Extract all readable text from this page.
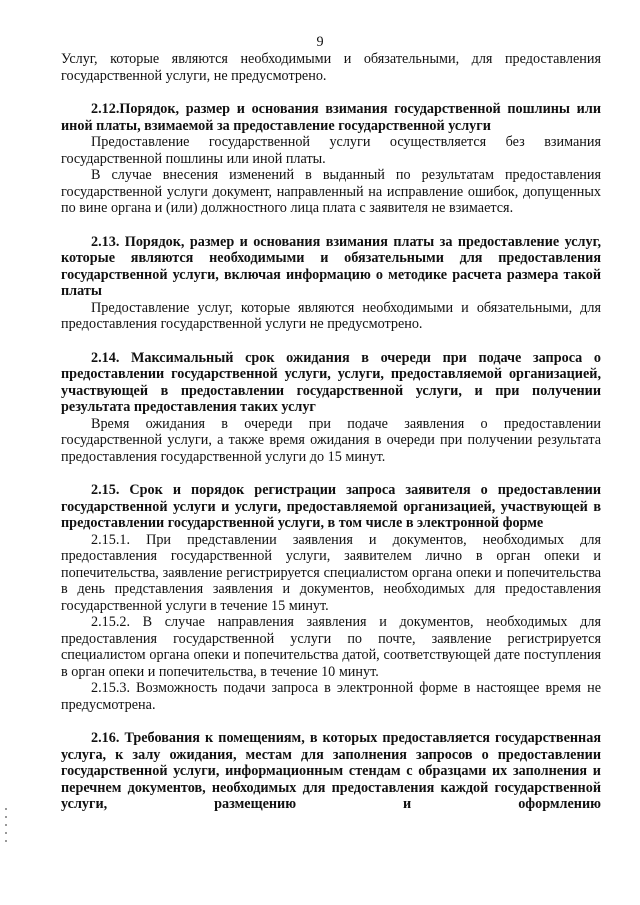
9

Услуг, которые являются необходимыми и обязательными, для предоставления государственной услуги, не предусмотрено.

2.12.Порядок, размер и основания взимания государственной пошлины или иной платы, взимаемой за предоставление государственной услуги

Предоставление государственной услуги осуществляется без взимания государственной пошлины или иной платы.

В случае внесения изменений в выданный по результатам предоставления государственной услуги документ, направленный на исправление ошибок, допущенных по вине органа и (или) должностного лица плата с заявителя не взимается.

2.13. Порядок, размер и основания взимания платы за предоставление услуг, которые являются необходимыми и обязательными для предоставления государственной услуги, включая информацию о методике расчета размера такой платы

Предоставление услуг, которые являются необходимыми и обязательными, для предоставления государственной услуги не предусмотрено.

2.14. Максимальный срок ожидания в очереди при подаче запроса о предоставлении государственной услуги, услуги, предоставляемой организацией, участвующей в предоставлении государственной услуги, и при получении результата предоставления таких услуг

Время ожидания в очереди при подаче заявления о предоставлении государственной услуги, а также время ожидания в очереди при получении результата предоставления государственной услуги до 15 минут.

2.15. Срок и порядок регистрации запроса заявителя о предоставлении государственной услуги и услуги, предоставляемой организацией, участвующей в предоставлении государственной услуги, в том числе в электронной форме

2.15.1. При представлении заявления и документов, необходимых для предоставления государственной услуги, заявителем лично в орган опеки и попечительства, заявление регистрируется специалистом органа опеки и попечительства в день представления заявления и документов, необходимых для предоставления государственной услуги в течение 15 минут.

2.15.2. В случае направления заявления и документов, необходимых для предоставления государственной услуги по почте, заявление регистрируется специалистом органа опеки и попечительства датой, соответствующей дате поступления в орган опеки и попечительства, в течение 10 минут.

2.15.3. Возможность подачи запроса в электронной форме в настоящее время не предусмотрена.

2.16. Требования к помещениям, в которых предоставляется государственная услуга, к залу ожидания, местам для заполнения запросов о предоставлении государственной услуги, информационным стендам с образцами их заполнения и перечнем документов, необходимых для предоставления каждой государственной услуги, размещению и оформлению
